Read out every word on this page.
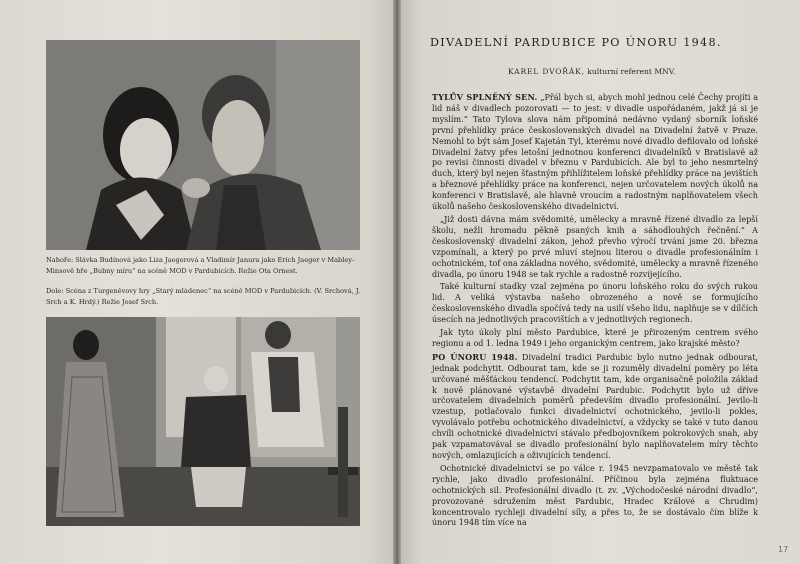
Nahoře: Slávka Budínová jako Liza Jaegerová a Vladimír Janura jako Erich Jaeger v Mabley-Minsově hře „Bubny míru“ na scéně MOD v Pardubicích. Režie Ota Ornest.

Dole: Scéna z Turgeněvovy hry „Starý mládenec“ na scéně MOD v Pardubicích. (V. Srchová, J. Srch a K. Hrdý.) Režie Josef Srch.

DIVADELNÍ PARDUBICE PO ÚNORU 1948.
KAREL DVOŘÁK, kulturní referent MNV.

TYLŮV SPLNĚNÝ SEN. „Přál bych si, abych mohl jednou celé Čechy projíti a lid náš v divadlech pozorovati — to jest: v divadle uspořádaném, jakž já si je myslím.“ Tato Tylova slova nám připomíná nedávno vydaný sborník loňské první přehlídky práce československých divadel na Divadelní žatvě v Praze. Nemohl to být sám Josef Kajetán Tyl, kterému nové divadlo defilovalo od loňské Divadelní žatvy přes letošní jednotnou konferenci divadelníků v Bratislavě až po revisi činnosti divadel v březnu v Pardubicích. Ale byl to jeho nesmrtelný duch, který byl nejen šťastným přihlížitelem loňské přehlídky práce na jevištích a březnové přehlídky práce na konferenci, nejen určovatelem nových úkolů na konferenci v Bratislavě, ale hlavně vroucím a radostným naplňovatelem všech úkolů našeho československého divadelnictví.

„Již dosti dávna mám svědomité, umělecky a mravně řízené divadlo za lepší školu, nežli hromadu pěkně psaných knih a sáhodlouhých řečnění.“ A československý divadelní zákon, jehož převho výročí trvání jsme 20. března vzpomínali, a který po prvé mluví stejnou literou o divadle profesionálním i ochotnickém, tof ona základna nového, svědomité, umělecky a mravně řízeného divadla, po únoru 1948 se tak rychle a radostně rozvíjejícího.

Také kulturní stadky vzal zejména po únoru loňského roku do svých rukou lid. A veliká výstavba našeho obrozeného a nově se formujícího československého divadla spočívá tedy na usilí všeho lidu, naplňuje se v dílčích úsecích na jednotlivých pracovištích a v jednotlivých regionech.

Jak tyto úkoly plní město Pardubice, které je přirozeným centrem svého regionu a od 1. ledna 1949 i jeho organickým centrem, jako krajské město?

PO ÚNORU 1948. Divadelní tradici Pardubic bylo nutno jednak odbourat, jednak podchytit. Odbourat tam, kde se ji rozuměly divadelní poměry po léta určované měšťáckou tendencí. Podchytit tam, kde organisačně položila základ k nově plánované výstavbě divadelní Pardubic. Podchytit bylo už dříve určovatelem divadelních poměrů především divadlo profesionální. Jevilo-li vzestup, potlačovalo funkci divadelnictví ochotnického, jevilo-li pokles, vyvolávalo potřebu ochotnického divadelnictví, a vždycky se také v tuto danou chvíli ochotnické divadelnictví stávalo předbojovníkem pokrokových snah, aby pak vzpamatovával se divadlo profesionální bylo naplňovatelem míry těchto nových, omlazujících a oživujících tendencí.

Ochotnické divadelnictví se po válce r. 1945 nevzpamatovalo ve městě tak rychle, jako divadlo profesionální. Příčinou byla zejména fluktuace ochotnických sil. Profesionální divadlo (t. zv. „Východočeské národní divadlo“, provozované sdružením měst Pardubic, Hradec Králové a Chrudim) koncentrovalo rychleji divadelní síly, a přes to, že se dostávalo čím blíže k únoru 1948 tím více na

17
